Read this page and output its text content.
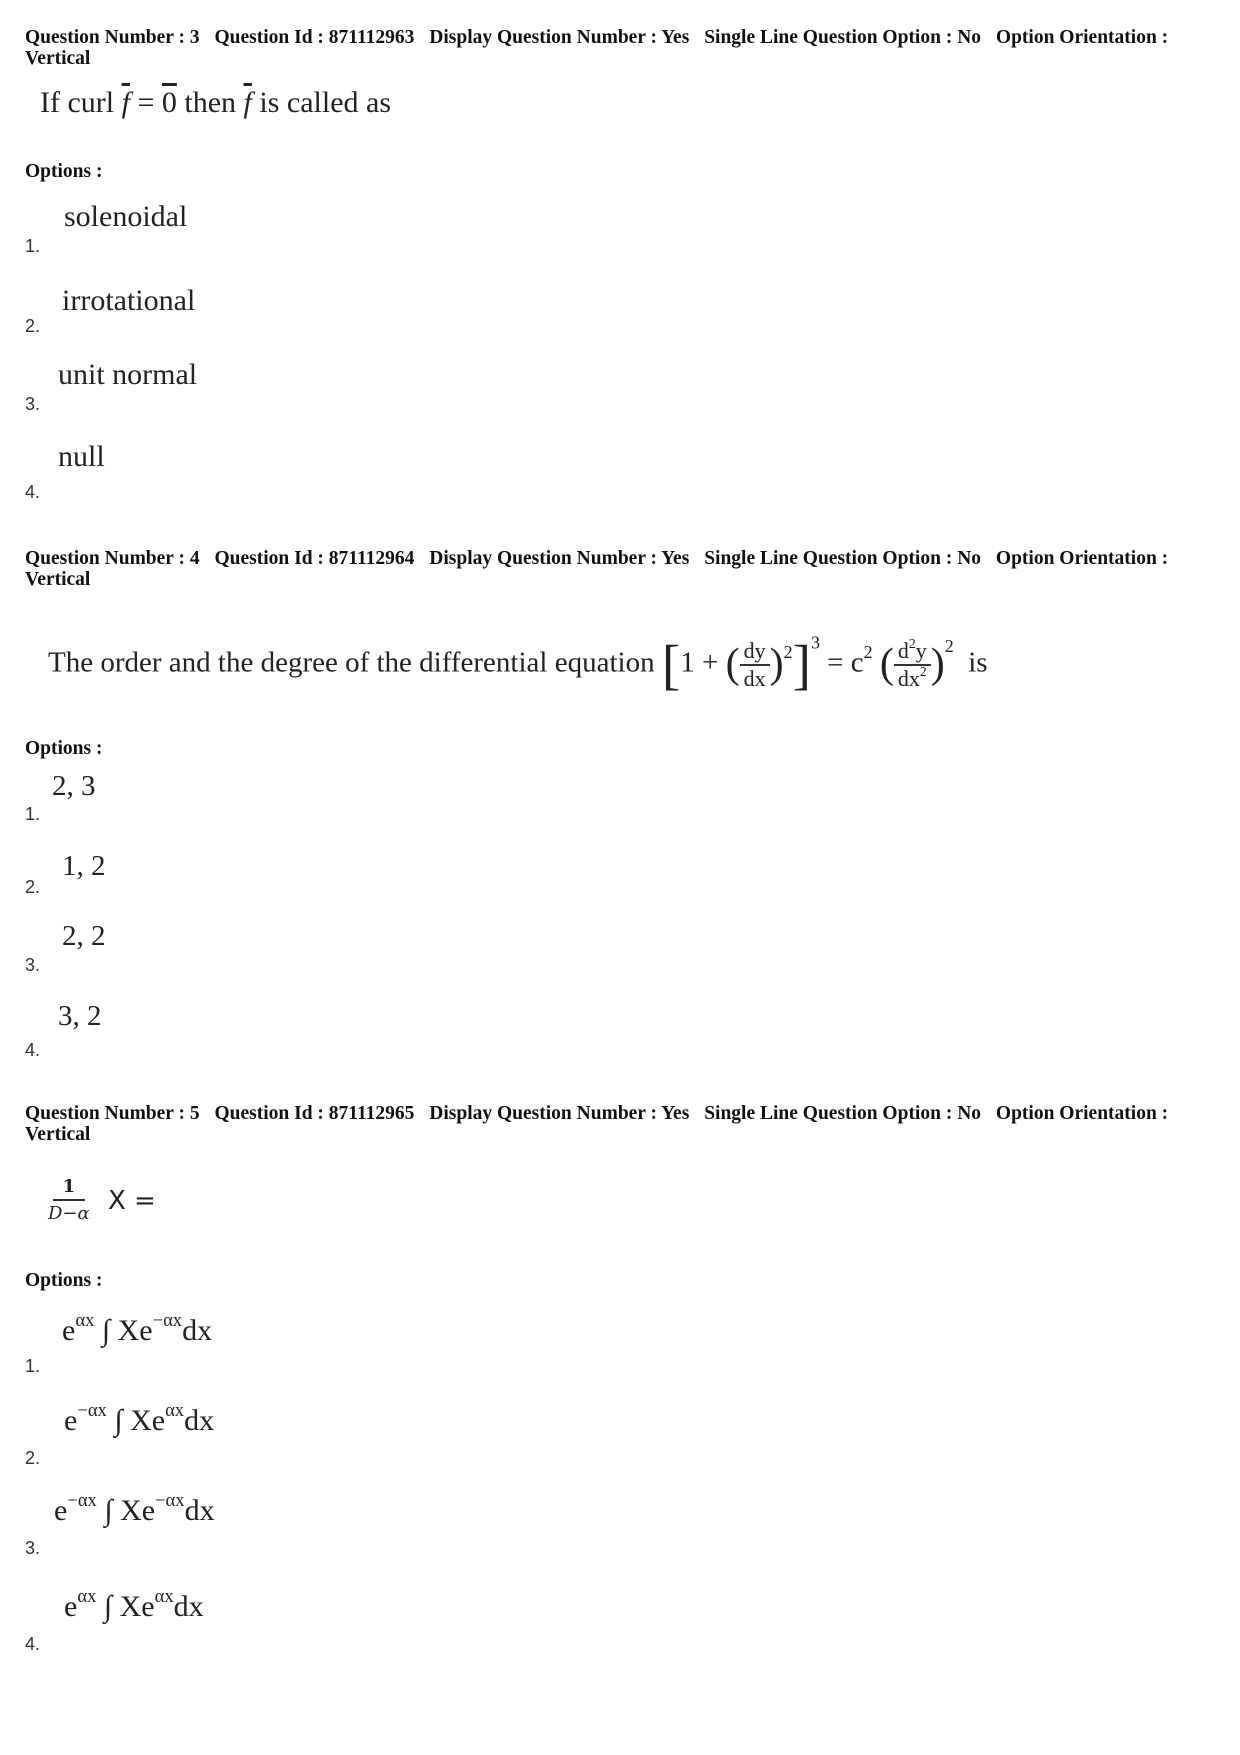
Question Number : 3 Question Id : 871112963 Display Question Number : Yes Single Line Question Option : No Option Orientation : Vertical
If curl $\overline{f} = 0$ then $\overline{f}$ is called as
Options :
solenoidal
1.
irrotational
2.
unit normal
3.
null
4.
Question Number : 4 Question Id : 871112964 Display Question Number : Yes Single Line Question Option : No Option Orientation : Vertical
The order and the degree of the differential equation [1 + ( $\frac{dy}{dx} )^2]^3 = c^2$ ( $\frac{d^2y}{dx^2} )^2$  is
Options :
2, 3
1.
1, 2
2.
2, 2
3.
3, 2
4.
Question Number : 5 Question Id : 871112965 Display Question Number : Yes Single Line Question Option : No Option Orientation : Vertical
$\frac{1}{D-\alpha}$ X =
Options :
$e^{\alpha x}$ ∫ $Xe^{-\alpha x}dx$
1.
$e^{-\alpha x}$ ∫ $Xe^{\alpha x}dx$
2.
$e^{-\alpha x}$ ∫ $Xe^{-\alpha x}dx$
3.
$e^{\alpha x}$ ∫ $Xe^{\alpha x}dx$
4.
